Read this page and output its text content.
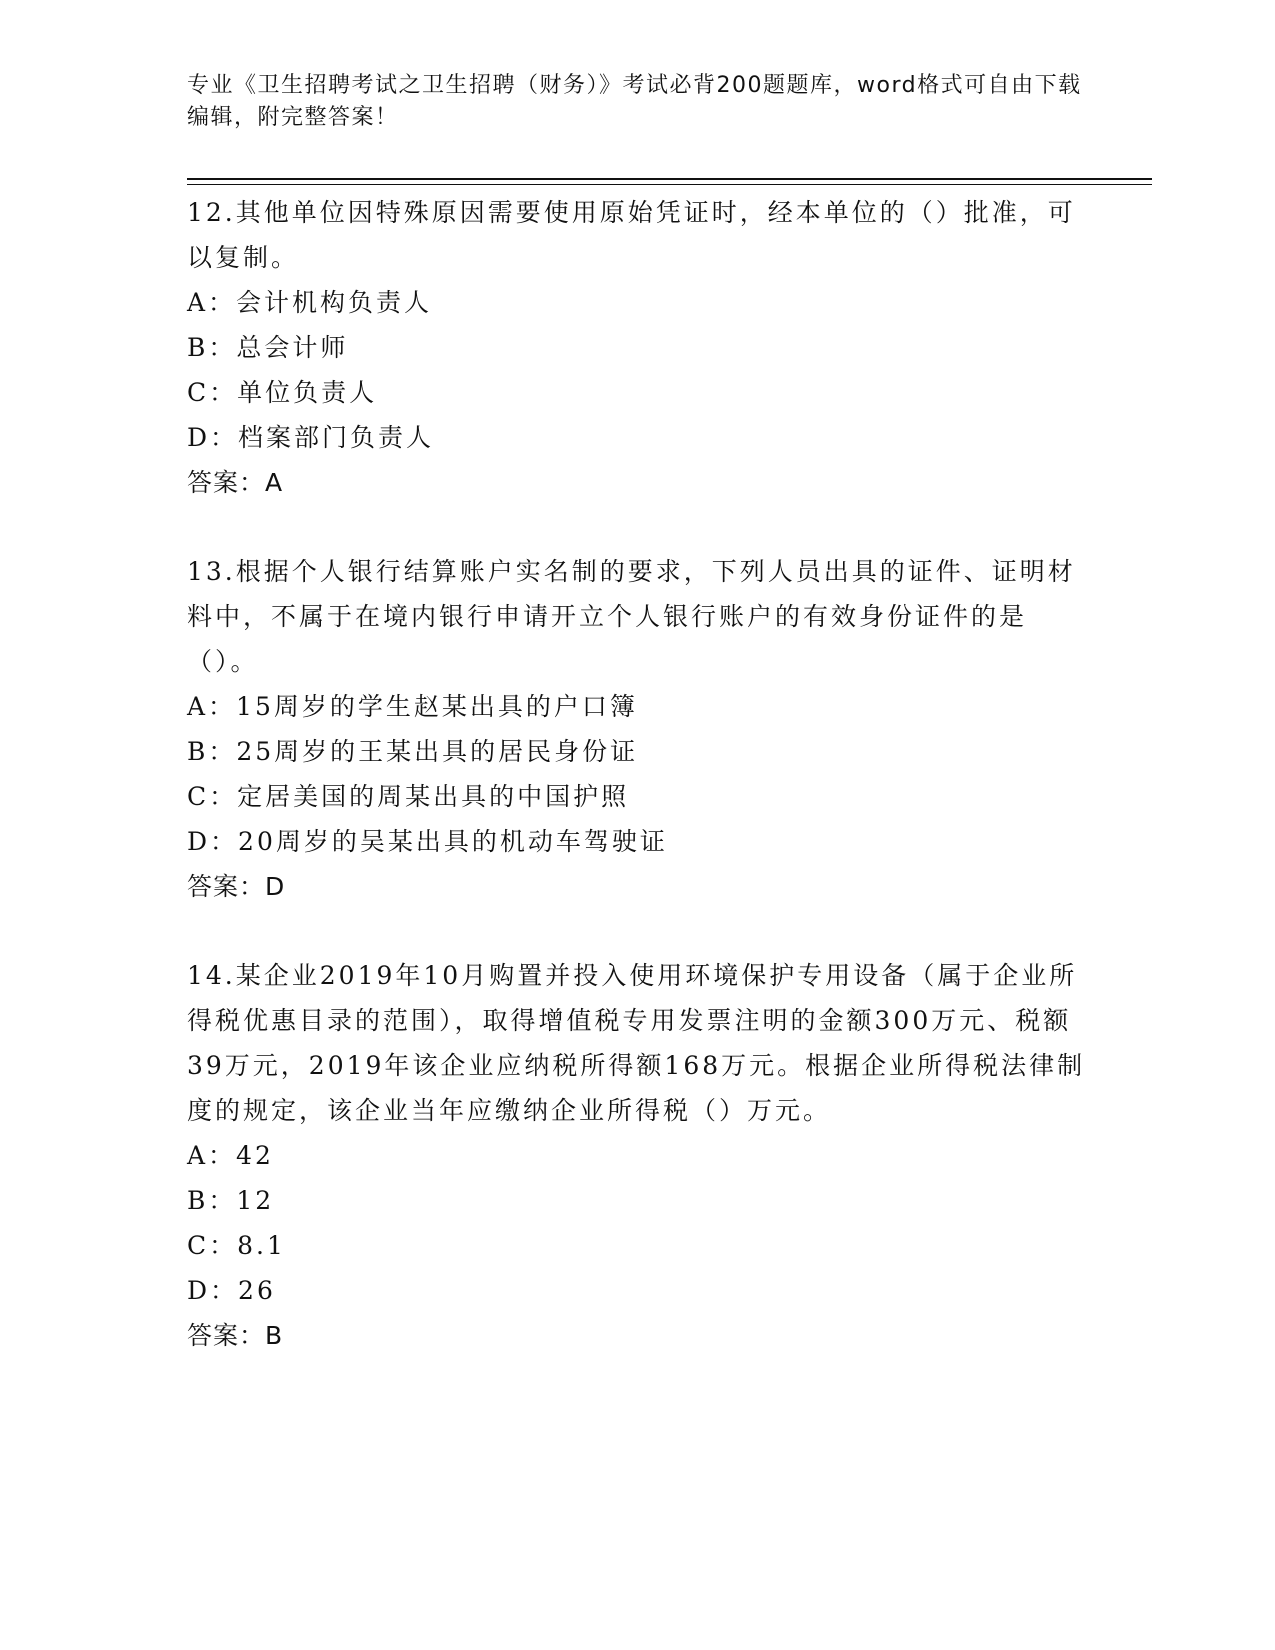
专业《卫生招聘考试之卫生招聘（财务）》考试必背200题题库，word格式可自由下载编辑，附完整答案！
12.其他单位因特殊原因需要使用原始凭证时，经本单位的（）批准，可以复制。
A：会计机构负责人
B：总会计师
C：单位负责人
D：档案部门负责人
答案：A
13.根据个人银行结算账户实名制的要求，下列人员出具的证件、证明材料中，不属于在境内银行申请开立个人银行账户的有效身份证件的是（）。
A：15周岁的学生赵某出具的户口簿
B：25周岁的王某出具的居民身份证
C：定居美国的周某出具的中国护照
D：20周岁的吴某出具的机动车驾驶证
答案：D
14.某企业2019年10月购置并投入使用环境保护专用设备（属于企业所得税优惠目录的范围），取得增值税专用发票注明的金额300万元、税额39万元，2019年该企业应纳税所得额168万元。根据企业所得税法律制度的规定，该企业当年应缴纳企业所得税（）万元。
A：42
B：12
C：8.1
D：26
答案：B
